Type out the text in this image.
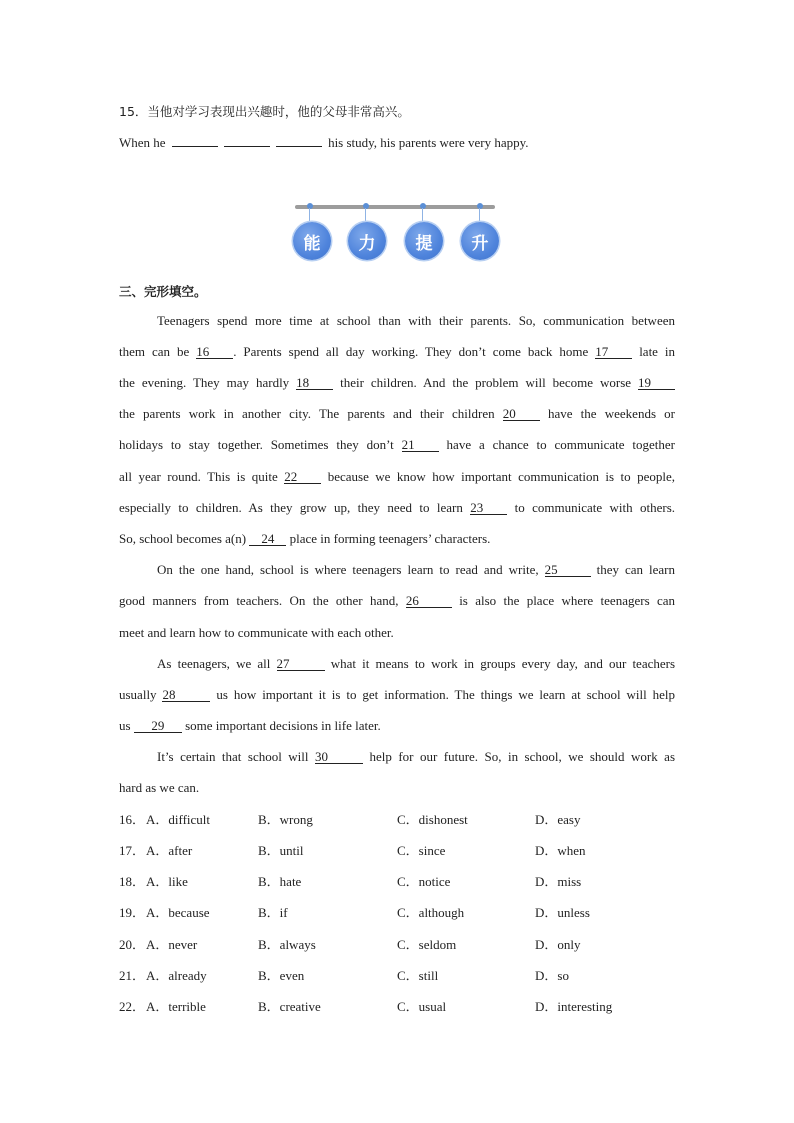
15．当他对学习表现出兴趣时，他的父母非常高兴。
When he	his study, his parents were very happy.
能	力	提	升
三、完形填空。
Teenagers spend more time at school than with their parents. So, communication between
them can be 16 . Parents spend all day working. They don’t come back home 17 late in
the evening. They may hardly 18 their children. And the problem will become worse 19
the parents work in another city. The parents and their children 20 have the weekends or
holidays to stay together. Sometimes they don’t 21 have a chance to communicate together
all year round. This is quite 22 because we know how important communication is to people,
especially to children. As they grow up, they need to learn 23 to communicate with others.
So, school becomes a(n) 24 place in forming teenagers’ characters.
On the one hand, school is where teenagers learn to read and write, 25	they can learn
good manners from teachers. On the other hand, 26	is also the place where teenagers can
meet and learn how to communicate with each other.
As teenagers, we all 27	what it means to work in groups every day, and our teachers
usually 28	us how important it is to get information. The things we learn at school will help
us 29 some important decisions in life later.
It’s certain that school will 30	help for our future. So, in school, we should work as
hard as we can.
16． A．difficult	B．wrong	C．dishonest	D．easy
17． A．after	B．until	C．since	D．when
18． A．like	B．hate	C．notice	D．miss
19． A．because	B．if	C．although	D．unless
20． A．never	B．always	C．seldom	D．only
21． A．already	B．even	C．still	D．so
22． A．terrible	B．creative	C．usual	D．interesting
